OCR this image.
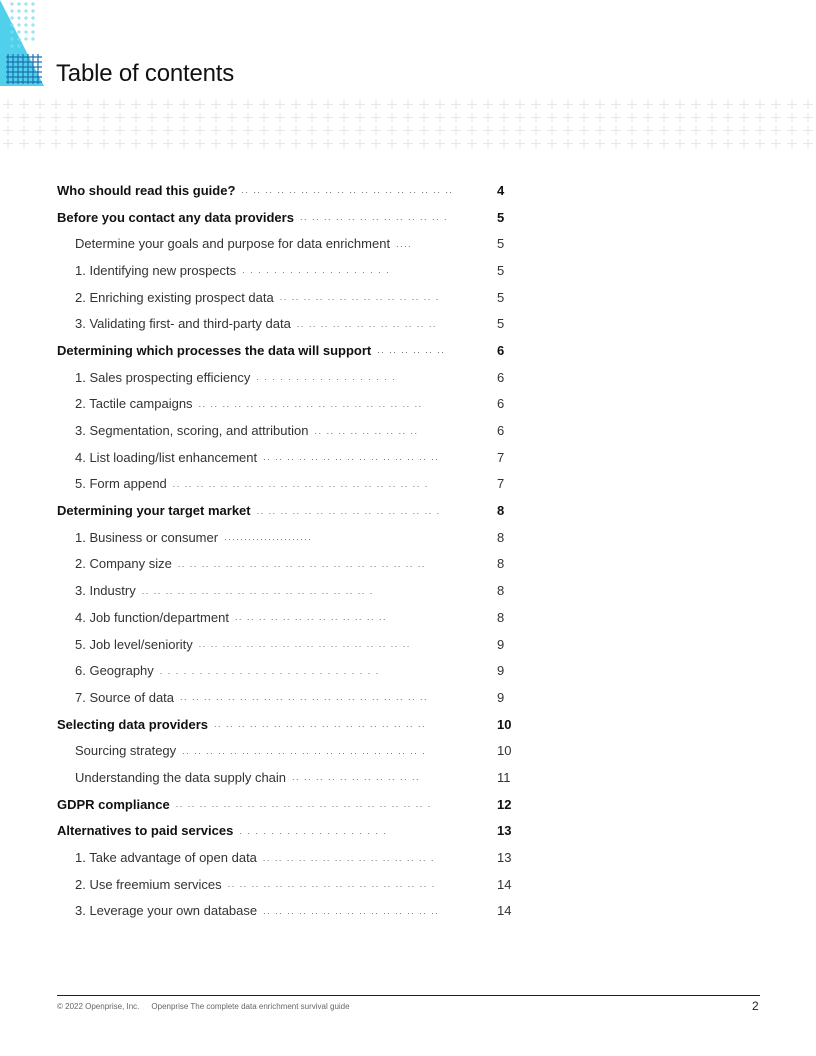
Table of contents
Who should read this guide? .. .. .. .. .. .. .. .. .. .. .. .. .. .. .. .. .. ..	4
Before you contact any data providers .. .. .. .. .. .. .. .. .. .. .. .. .	5
Determine your goals and purpose for data enrichment ....	5
1. Identifying new prospects . . . . . . . . . . . . . . . . . . .	5
2. Enriching existing prospect data .. .. .. .. .. .. .. .. .. .. .. .. .. .	5
3. Validating first- and third-party data .. .. .. .. .. .. .. .. .. .. .. ..	5
Determining which processes the data will support .. .. .. .. .. ..	6
1. Sales prospecting efficiency . . . . . . . . . . . . . . . . . .	6
2. Tactile campaigns .. .. .. .. .. .. .. .. .. .. .. .. .. .. .. .. .. .. ..	6
3. Segmentation, scoring, and attribution .. .. .. .. .. .. .. .. ..	6
4. List loading/list enhancement .. .. .. .. .. .. .. .. .. .. .. .. .. .. ..	7
5. Form append .. .. .. .. .. .. .. .. .. .. .. .. .. .. .. .. .. .. .. .. .. .	7
Determining your target market .. .. .. .. .. .. .. .. .. .. .. .. .. .. .. .	8
1. Business or consumer ......................	8
2. Company size .. .. .. .. .. .. .. .. .. .. .. .. .. .. .. .. .. .. .. .. ..	8
3. Industry .. .. .. .. .. .. .. .. .. .. .. .. .. .. .. .. .. .. .. .	8
4. Job function/department .. .. .. .. .. .. .. .. .. .. .. .. ..	8
5. Job level/seniority .. .. .. .. .. .. .. .. .. .. .. .. .. .. .. .. .. ..	9
6. Geography . . . . . . . . . . . . . . . . . . . . . . . . . . . .	9
7. Source of data .. .. .. .. .. .. .. .. .. .. .. .. .. .. .. .. .. .. .. .. ..	9
Selecting data providers .. .. .. .. .. .. .. .. .. .. .. .. .. .. .. .. .. ..	10
Sourcing strategy .. .. .. .. .. .. .. .. .. .. .. .. .. .. .. .. .. .. .. .. .	10
Understanding the data supply chain .. .. .. .. .. .. .. .. .. .. ..	11
GDPR compliance .. .. .. .. .. .. .. .. .. .. .. .. .. .. .. .. .. .. .. .. .. .	12
Alternatives to paid services . . . . . . . . . . . . . . . . . . .	13
1. Take advantage of open data .. .. .. .. .. .. .. .. .. .. .. .. .. .. .	13
2. Use freemium services .. .. .. .. .. .. .. .. .. .. .. .. .. .. .. .. .. .	14
3. Leverage your own database .. .. .. .. .. .. .. .. .. .. .. .. .. .. ..	14
© 2022 Openprise, Inc. Openprise The complete data enrichment survival guide	2
